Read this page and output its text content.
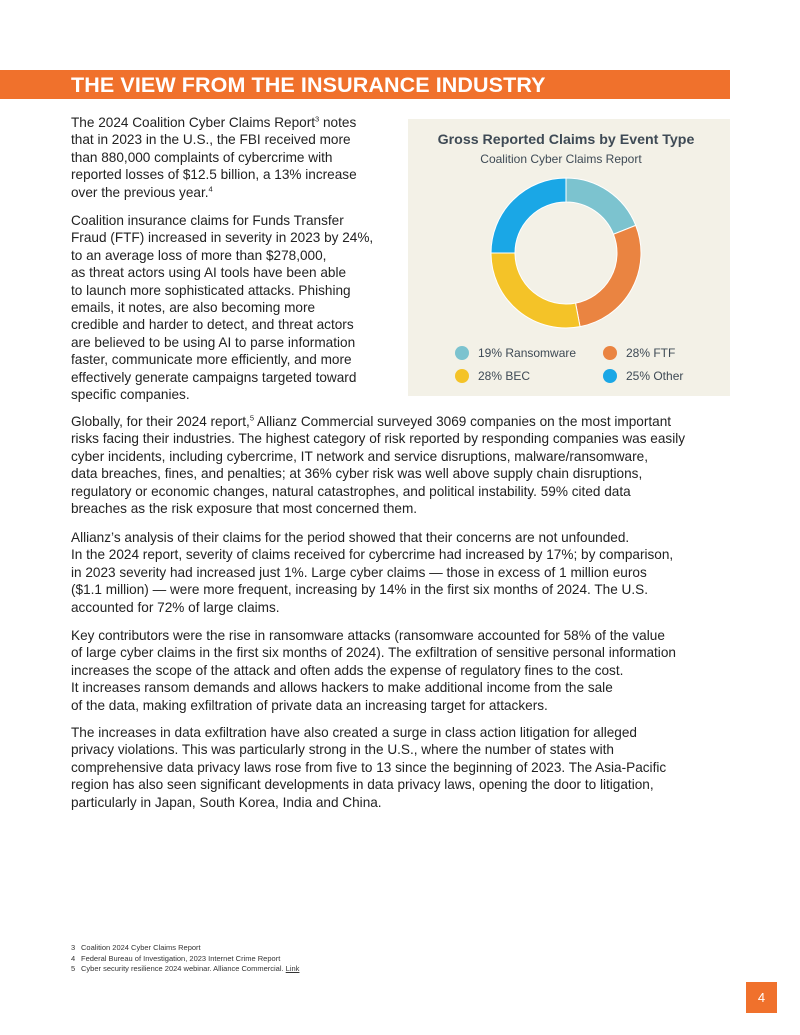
THE VIEW FROM THE INSURANCE INDUSTRY

The 2024 Coalition Cyber Claims Report$^3$ notes
that in 2023 in the U.S., the FBI received more
than 880,000 complaints of cybercrime with
reported losses of $12.5 billion, a 13% increase
over the previous year.$^4$

Coalition insurance claims for Funds Transfer
Fraud (FTF) increased in severity in 2023 by 24%,
to an average loss of more than $278,000,
as threat actors using AI tools have been able
to launch more sophisticated attacks. Phishing
emails, it notes, are also becoming more
credible and harder to detect, and threat actors
are believed to be using AI to parse information
faster, communicate more efficiently, and more
effectively generate campaigns targeted toward
specific companies.

Globally, for their 2024 report,$^5$ Allianz Commercial surveyed 3069 companies on the most important
risks facing their industries. The highest category of risk reported by responding companies was easily
cyber incidents, including cybercrime, IT network and service disruptions, malware/ransomware,
data breaches, fines, and penalties; at 36% cyber risk was well above supply chain disruptions,
regulatory or economic changes, natural catastrophes, and political instability. 59% cited data
breaches as the risk exposure that most concerned them.

Allianz’s analysis of their claims for the period showed that their concerns are not unfounded.
In the 2024 report, severity of claims received for cybercrime had increased by 17%; by comparison,
in 2023 severity had increased just 1%. Large cyber claims — those in excess of 1 million euros
($1.1 million) — were more frequent, increasing by 14% in the first six months of 2024. The U.S.
accounted for 72% of large claims.

Key contributors were the rise in ransomware attacks (ransomware accounted for 58% of the value
of large cyber claims in the first six months of 2024). The exfiltration of sensitive personal information
increases the scope of the attack and often adds the expense of regulatory fines to the cost.
It increases ransom demands and allows hackers to make additional income from the sale
of the data, making exfiltration of private data an increasing target for attackers.

The increases in data exfiltration have also created a surge in class action litigation for alleged
privacy violations. This was particularly strong in the U.S., where the number of states with
comprehensive data privacy laws rose from five to 13 since the beginning of 2023. The Asia-Pacific
region has also seen significant developments in data privacy laws, opening the door to litigation,
particularly in Japan, South Korea, India and China.

Gross Reported Claims by Event Type
Coalition Cyber Claims Report
19% Ransomware	28% FTF
28% BEC	25% Other
3 Coalition 2024 Cyber Claims Report
4 Federal Bureau of Investigation, 2023 Internet Crime Report
5 Cyber security resilience 2024 webinar. Alliance Commercial. Link
4
